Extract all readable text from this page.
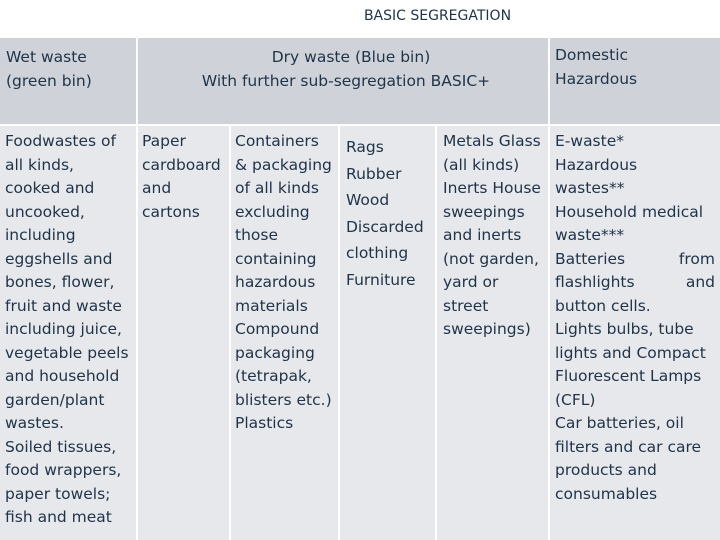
BASIC SEGREGATION
Wet waste
(green bin)
Dry waste (Blue bin)
With further sub-segregation BASIC+
Domestic
Hazardous
Foodwastes of
all kinds,
cooked and
uncooked,
including
eggshells and
bones, flower,
fruit and waste
including juice,
vegetable peels
and household
garden/plant
wastes.
Soiled tissues,
food wrappers,
paper towels;
fish and meat
Paper
cardboard
and
cartons
Containers
& packaging
of all kinds
excluding
those
containing
hazardous
materials
Compound
packaging
(tetrapak,
blisters etc.)
Plastics
Rags
Rubber
Wood
Discarded
clothing
Furniture
Metals Glass
(all kinds)
Inerts House
sweepings
and inerts
(not garden,
yard or
street
sweepings)
E-waste*
Hazardous
wastes**
Household medical
waste***
Batteries	from
flashlights	and
button cells.
Lights bulbs, tube
lights and Compact
Fluorescent Lamps
(CFL)
Car batteries, oil
filters and car care
products and
consumables
